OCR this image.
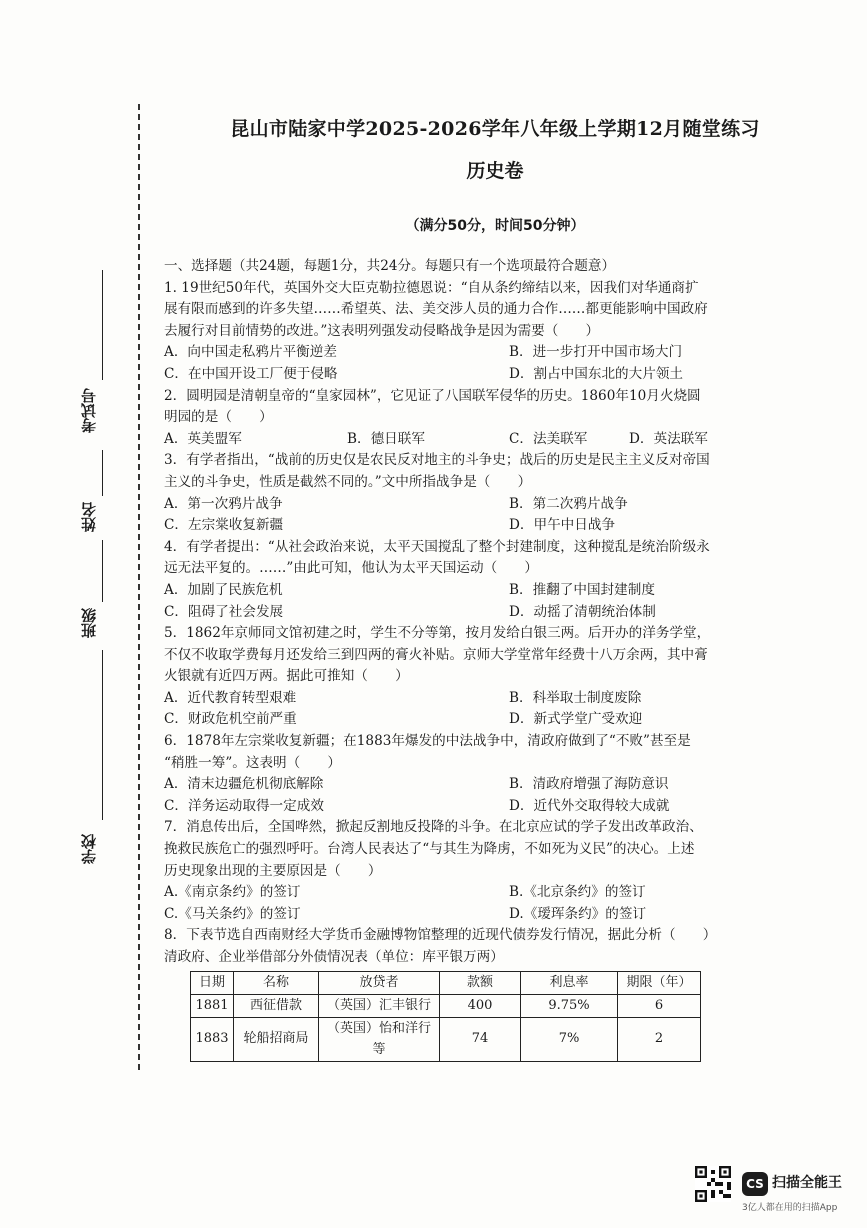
考试号
姓名
班级
学校
昆山市陆家中学2025-2026学年八年级上学期12月随堂练习
历史卷
（满分50分，时间50分钟）

一、选择题（共24题，每题1分，共24分。每题只有一个选项最符合题意）

1. 19世纪50年代，英国外交大臣克勒拉德恩说：“自从条约缔结以来，因我们对华通商扩

展有限而感到的许多失望……希望英、法、美交涉人员的通力合作……都更能影响中国政府

去履行对目前情势的改进。”这表明列强发动侵略战争是因为需要（　　）

A．向中国走私鸦片平衡逆差	B．进一步打开中国市场大门
C．在中国开设工厂便于侵略	D．割占中国东北的大片领土

2．圆明园是清朝皇帝的“皇家园林”，它见证了八国联军侵华的历史。1860年10月火烧圆

明园的是（　　）

A．英美盟军	B．德日联军	C．法美联军	D．英法联军

3．有学者指出，“战前的历史仅是农民反对地主的斗争史；战后的历史是民主主义反对帝国

主义的斗争史，性质是截然不同的。”文中所指战争是（　　）

A．第一次鸦片战争	B．第二次鸦片战争
C．左宗棠收复新疆	D．甲午中日战争

4．有学者提出：“从社会政治来说，太平天国搅乱了整个封建制度，这种搅乱是统治阶级永

远无法平复的。……”由此可知，他认为太平天国运动（　　）

A．加剧了民族危机	B．推翻了中国封建制度
C．阻碍了社会发展	D．动摇了清朝统治体制

5．1862年京师同文馆初建之时，学生不分等第，按月发给白银三两。后开办的洋务学堂，

不仅不收取学费每月还发给三到四两的膏火补贴。京师大学堂常年经费十八万余两，其中膏

火银就有近四万两。据此可推知（　　）

A．近代教育转型艰难	B．科举取士制度废除
C．财政危机空前严重	D．新式学堂广受欢迎

6．1878年左宗棠收复新疆；在1883年爆发的中法战争中，清政府做到了“不败”甚至是

“稍胜一筹”。这表明（　　）

A．清末边疆危机彻底解除	B．清政府增强了海防意识
C．洋务运动取得一定成效	D．近代外交取得较大成就

7．消息传出后，全国哗然，掀起反割地反投降的斗争。在北京应试的学子发出改革政治、

挽救民族危亡的强烈呼吁。台湾人民表达了“与其生为降虏，不如死为义民”的决心。上述

历史现象出现的主要原因是（　　）

A.《南京条约》的签订	B.《北京条约》的签订
C.《马关条约》的签订	D.《瑷珲条约》的签订

8．下表节选自西南财经大学货币金融博物馆整理的近现代债券发行情况，据此分析（　　）

清政府、企业举借部分外债情况表（单位：库平银万两）

日期	名称	放贷者	款额	利息率	期限（年）
1881	西征借款	（英国）汇丰银行	400	9.75%	6
1883	轮船招商局	（英国）怡和洋行等	74	7%	2
CS 扫描全能王
3亿人都在用的扫描App
